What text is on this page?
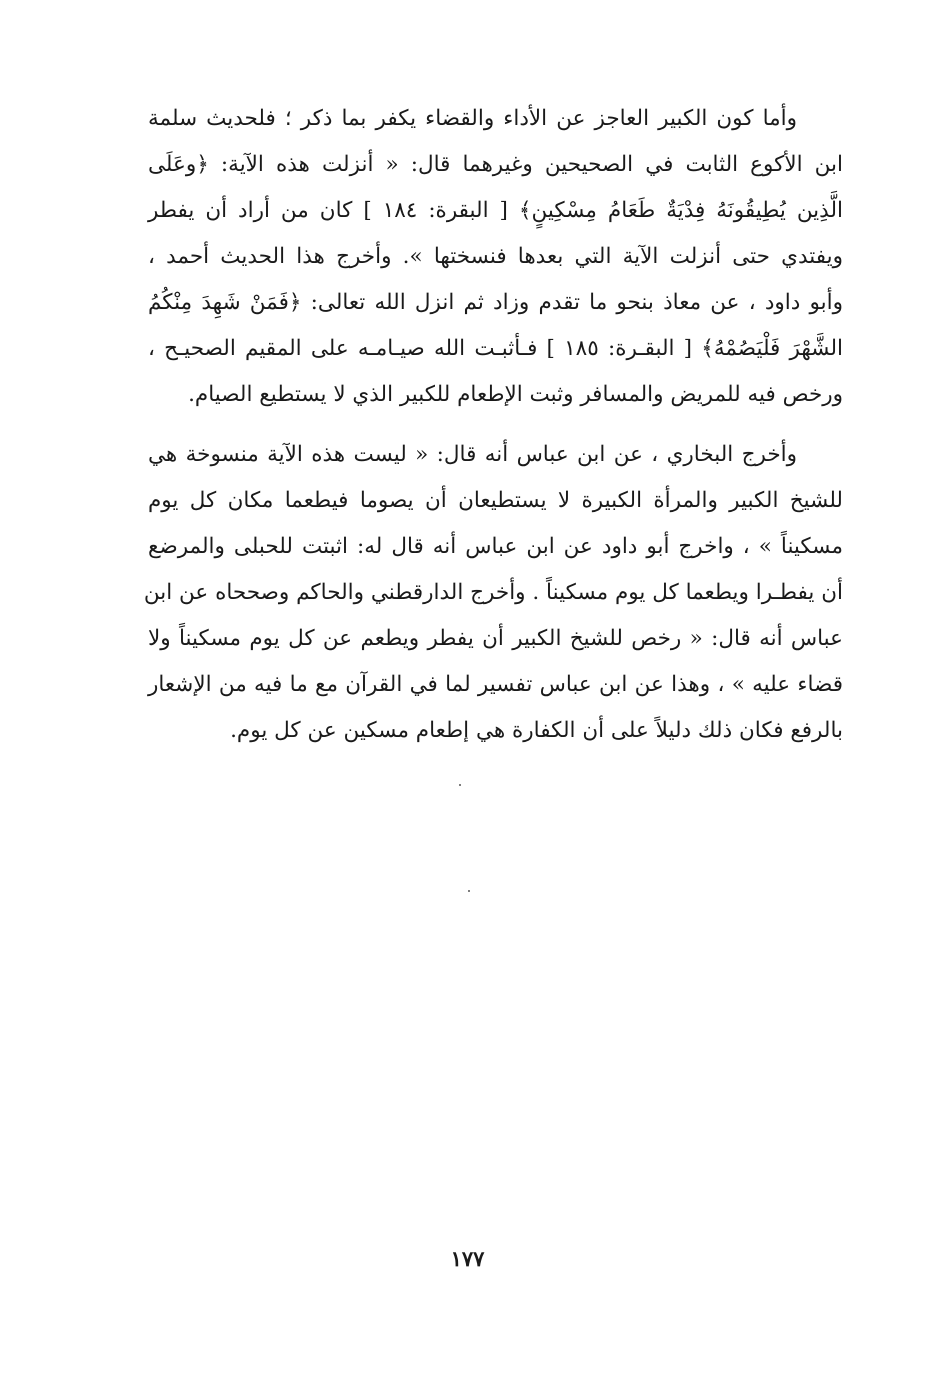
وأما كون الكبير العاجز عن الأداء والقضاء يكفر بما ذكر ؛ فلحديث سلمة
ابن الأكوع الثابت في الصحيحين وغيرهما قال: « أنزلت هذه الآية: ﴿وعَلَى
الَّذِين يُطِيقُونَهُ فِدْيَةٌ طَعَامُ مِسْكِينٍ﴾ [ البقرة: ١٨٤ ] كان من أراد أن يفطر
ويفتدي حتى أنزلت الآية التي بعدها فنسختها ». وأخرج هذا الحديث أحمد ،
وأبو داود ، عن معاذ بنحو ما تقدم وزاد ثم انزل الله تعالى: ﴿فَمَنْ شَهِدَ مِنْكُمُ
الشَّهْرَ فَلْيَصُمْهُ﴾ [ البقـرة: ١٨٥ ] فـأثبـت الله صيـامـه على المقيم الصحيـح ،
ورخص فيه للمريض والمسافر وثبت الإطعام للكبير الذي لا يستطيع الصيام.
وأخرج البخاري ، عن ابن عباس أنه قال: « ليست هذه الآية منسوخة هي
للشيخ الكبير والمرأة الكبيرة لا يستطيعان أن يصوما فيطعما مكان كل يوم
مسكيناً » ، واخرج أبو داود عن ابن عباس أنه قال له: اثبتت للحبلى والمرضع
أن يفطـرا ويطعما كل يوم مسكيناً . وأخرج الدارقطني والحاكم وصححاه عن ابن
عباس أنه قال: « رخص للشيخ الكبير أن يفطر ويطعم عن كل يوم مسكيناً ولا
قضاء عليه » ، وهذا عن ابن عباس تفسير لما في القرآن مع ما فيه من الإشعار
بالرفع فكان ذلك دليلاً على أن الكفارة هي إطعام مسكين عن كل يوم.
١٧٧
